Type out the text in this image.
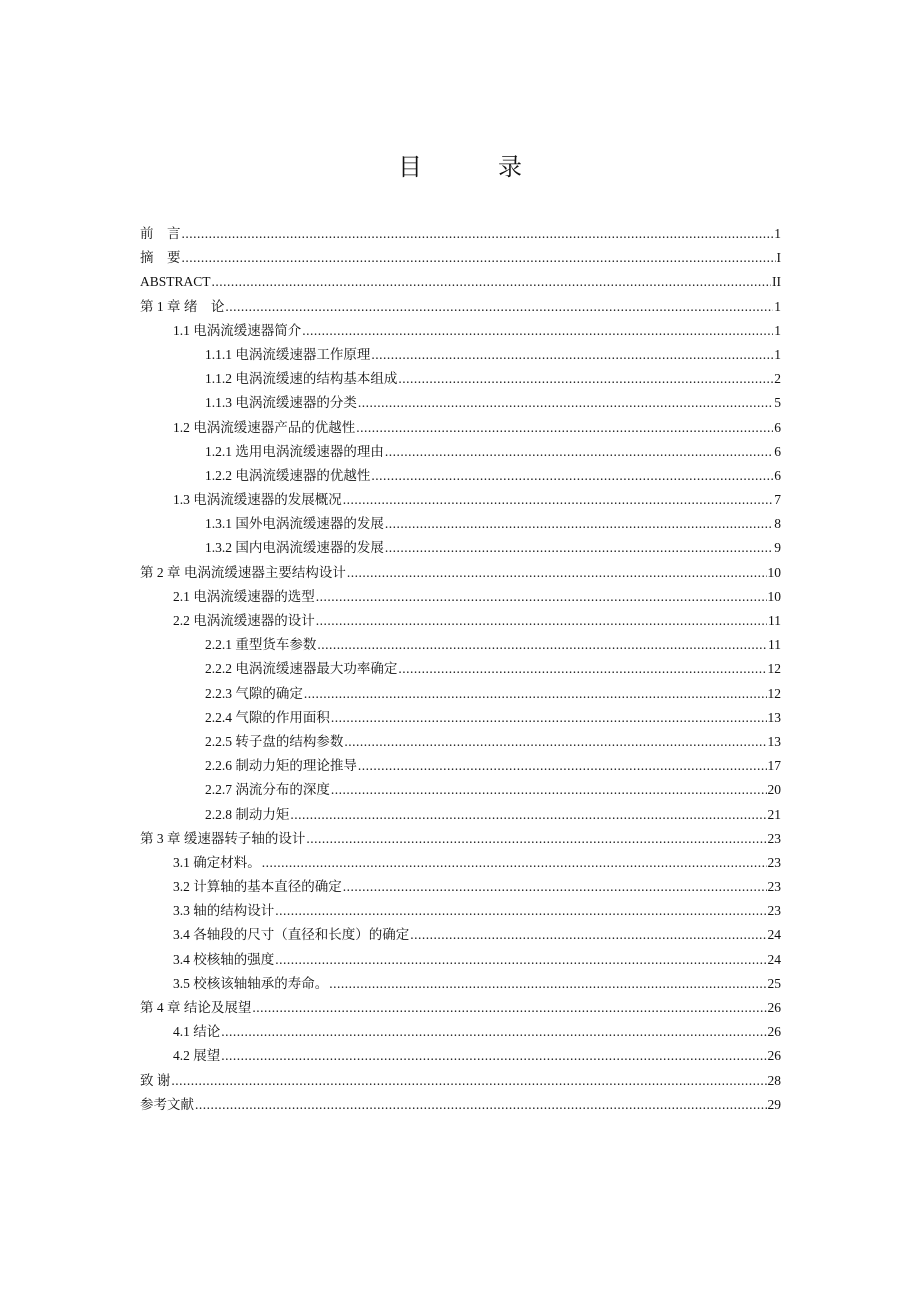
目　录
前　言 .....	1
摘　要 .....	I
ABSTRACT .....	II
第 1 章 绪　论 .....	1
1.1 电涡流缓速器简介 .....	1
1.1.1 电涡流缓速器工作原理 .....	1
1.1.2 电涡流缓速的结构基本组成 .....	2
1.1.3 电涡流缓速器的分类 .....	5
1.2 电涡流缓速器产品的优越性 .....	6
1.2.1 选用电涡流缓速器的理由 .....	6
1.2.2 电涡流缓速器的优越性 .....	6
1.3 电涡流缓速器的发展概况 .....	7
1.3.1 国外电涡流缓速器的发展 .....	8
1.3.2 国内电涡流缓速器的发展 .....	9
第 2 章 电涡流缓速器主要结构设计 .....	10
2.1 电涡流缓速器的选型 .....	10
2.2 电涡流缓速器的设计 .....	11
2.2.1 重型货车参数 .....	11
2.2.2 电涡流缓速器最大功率确定 .....	12
2.2.3 气隙的确定 .....	12
2.2.4 气隙的作用面积 .....	13
2.2.5 转子盘的结构参数 .....	13
2.2.6 制动力矩的理论推导 .....	17
2.2.7 涡流分布的深度 .....	20
2.2.8 制动力矩 .....	21
第 3 章 缓速器转子轴的设计 .....	23
3.1 确定材料。 .....	23
3.2 计算轴的基本直径的确定 .....	23
3.3 轴的结构设计 .....	23
3.4 各轴段的尺寸（直径和长度）的确定 .....	24
3.4 校核轴的强度 .....	24
3.5 校核该轴轴承的寿命。 .....	25
第 4 章 结论及展望 .....	26
4.1 结论 .....	26
4.2 展望 .....	26
致 谢 .....	28
参考文献 .....	29
